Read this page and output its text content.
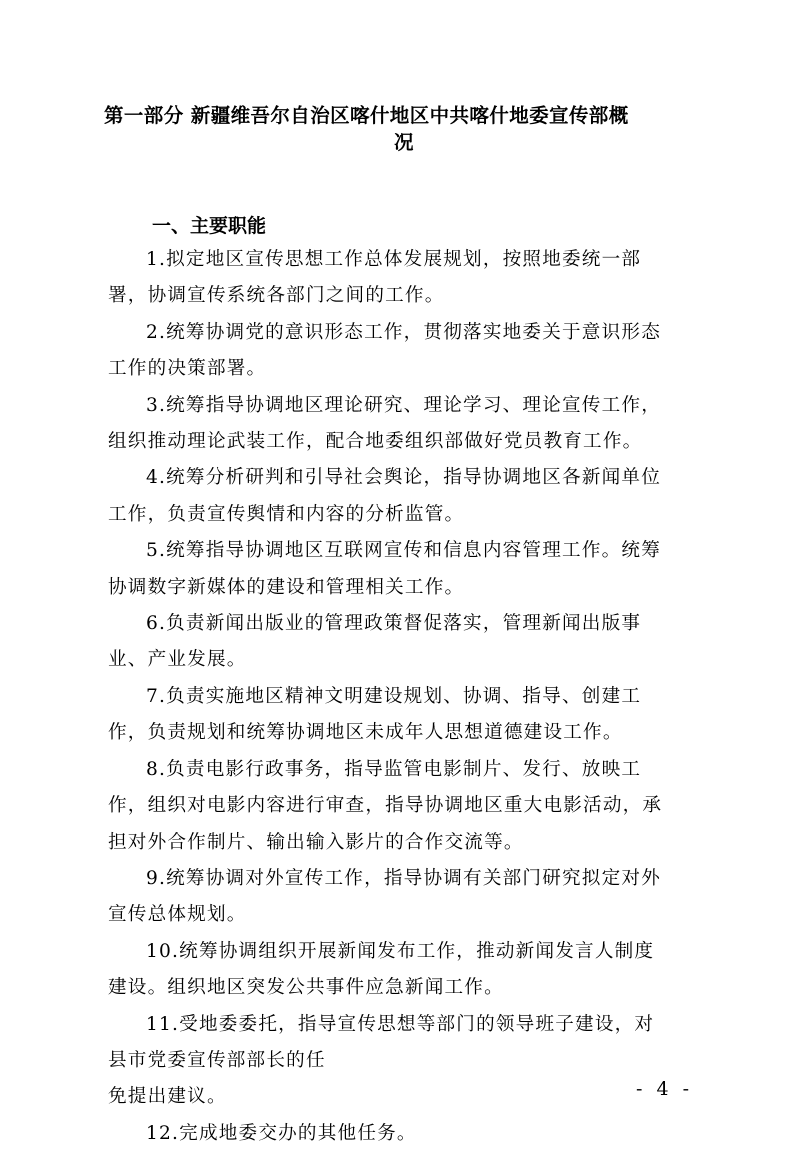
第一部分 新疆维吾尔自治区喀什地区中共喀什地委宣传部概
况
一、主要职能

1.拟定地区宣传思想工作总体发展规划，按照地委统一部
署，协调宣传系统各部门之间的工作。

2.统筹协调党的意识形态工作，贯彻落实地委关于意识形态
工作的决策部署。

3.统筹指导协调地区理论研究、理论学习、理论宣传工作，
组织推动理论武装工作，配合地委组织部做好党员教育工作。

4.统筹分析研判和引导社会舆论，指导协调地区各新闻单位
工作，负责宣传舆情和内容的分析监管。

5.统筹指导协调地区互联网宣传和信息内容管理工作。统筹
协调数字新媒体的建设和管理相关工作。

6.负责新闻出版业的管理政策督促落实，管理新闻出版事
业、产业发展。

7.负责实施地区精神文明建设规划、协调、指导、创建工
作，负责规划和统筹协调地区未成年人思想道德建设工作。

8.负责电影行政事务，指导监管电影制片、发行、放映工
作，组织对电影内容进行审查，指导协调地区重大电影活动，承
担对外合作制片、输出输入影片的合作交流等。

9.统筹协调对外宣传工作，指导协调有关部门研究拟定对外
宣传总体规划。

10.统筹协调组织开展新闻发布工作，推动新闻发言人制度
建设。组织地区突发公共事件应急新闻工作。

11.受地委委托，指导宣传思想等部门的领导班子建设，对
县市党委宣传部部长的任
免提出建议。

12.完成地委交办的其他任务。

- 4 -
